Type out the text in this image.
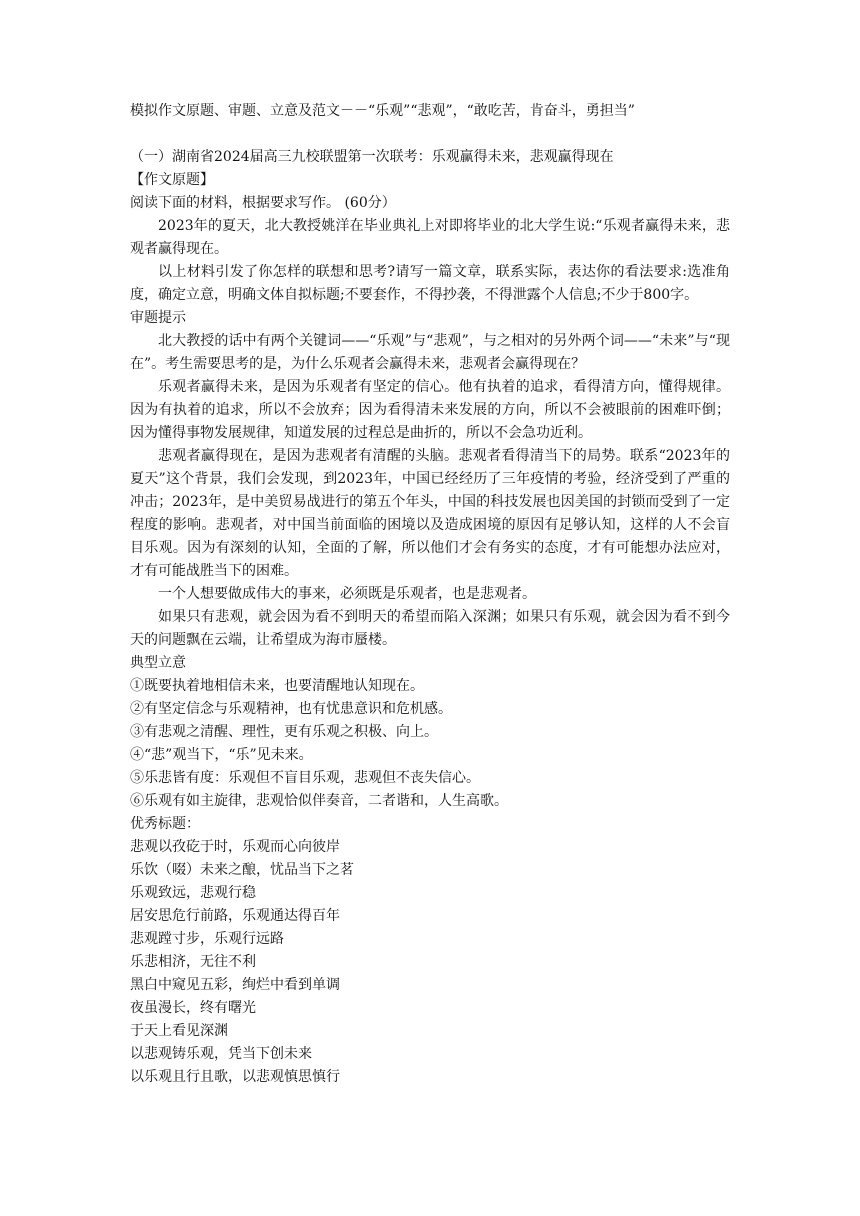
模拟作文原题、审题、立意及范文－－“乐观”“悲观”，“敢吃苦，肯奋斗，勇担当”

（一）湖南省2024届高三九校联盟第一次联考：乐观赢得未来，悲观赢得现在

【作文原题】

阅读下面的材料，根据要求写作。 (60分）

2023年的夏天，北大教授姚洋在毕业典礼上对即将毕业的北大学生说:“乐观者赢得未来，悲观者赢得现在。

以上材料引发了你怎样的联想和思考?请写一篇文章，联系实际，表达你的看法要求:选准角度，确定立意，明确文体自拟标题;不要套作，不得抄袭，不得泄露个人信息;不少于800字。

审题提示

北大教授的话中有两个关键词——“乐观”与“悲观”，与之相对的另外两个词——“未来”与“现在”。考生需要思考的是，为什么乐观者会赢得未来，悲观者会赢得现在？

乐观者赢得未来，是因为乐观者有坚定的信心。他有执着的追求，看得清方向，懂得规律。因为有执着的追求，所以不会放弃；因为看得清未来发展的方向，所以不会被眼前的困难吓倒；因为懂得事物发展规律，知道发展的过程总是曲折的，所以不会急功近利。

悲观者赢得现在，是因为悲观者有清醒的头脑。悲观者看得清当下的局势。联系“2023年的夏天”这个背景，我们会发现，到2023年，中国已经经历了三年疫情的考验，经济受到了严重的冲击；2023年，是中美贸易战进行的第五个年头，中国的科技发展也因美国的封锁而受到了一定程度的影响。悲观者，对中国当前面临的困境以及造成困境的原因有足够认知，这样的人不会盲目乐观。因为有深刻的认知，全面的了解，所以他们才会有务实的态度，才有可能想办法应对，才有可能战胜当下的困难。

一个人想要做成伟大的事来，必须既是乐观者，也是悲观者。

如果只有悲观，就会因为看不到明天的希望而陷入深渊；如果只有乐观，就会因为看不到今天的问题飘在云端，让希望成为海市蜃楼。

典型立意

①既要执着地相信未来，也要清醒地认知现在。
②有坚定信念与乐观精神，也有忧患意识和危机感。
③有悲观之清醒、理性，更有乐观之积极、向上。
④“悲”观当下，“乐”见未来。
⑤乐悲皆有度：乐观但不盲目乐观，悲观但不丧失信心。
⑥乐观有如主旋律，悲观恰似伴奏音，二者谐和，人生高歌。

优秀标题：

悲观以孜矻于时，乐观而心向彼岸
乐饮（啜）未来之酿，忧品当下之茗
乐观致远，悲观行稳
居安思危行前路，乐观通达得百年
悲观蹚寸步，乐观行远路
乐悲相济，无往不利
黑白中窥见五彩，绚烂中看到单调
夜虽漫长，终有曙光
于天上看见深渊
以悲观铸乐观，凭当下创未来
以乐观且行且歌，以悲观慎思慎行
